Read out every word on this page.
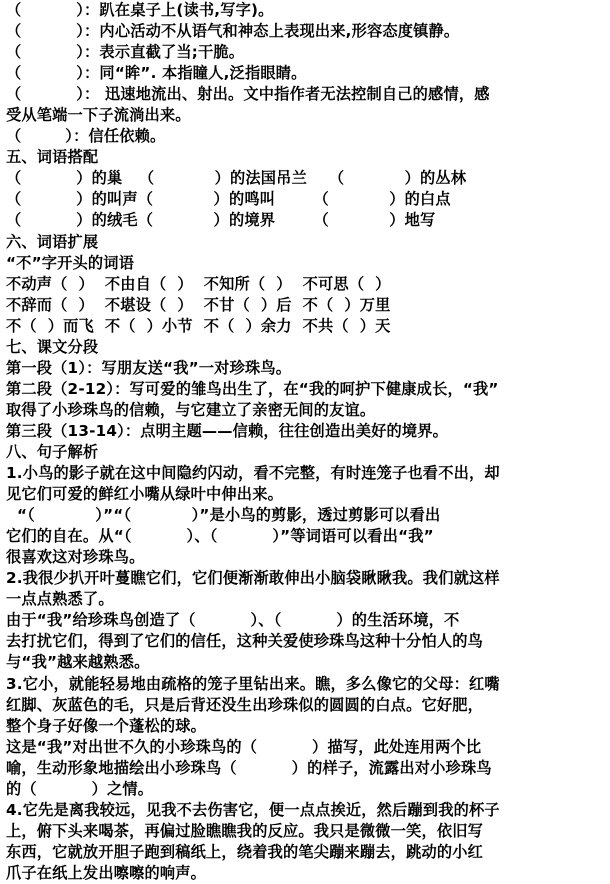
（          ）：趴在桌子上(读书,写字)。
（          ）：内心活动不从语气和神态上表现出来,形容态度镇静。
（          ）：表示直截了当;干脆。
（          ）：同“眸”. 本指瞳人,泛指眼睛。
（          ）： 迅速地流出、射出。文中指作者无法控制自己的感情，感
受从笔端一下子流淌出来。
（        ）：信任依赖。
五、词语搭配
（          ）的巢   （           ）的法国吊兰    （           ）的丛林
（          ）的叫声（           ）的鸣叫       （           ）的白点
（          ）的绒毛（           ）的境界       （           ）地写
六、词语扩展
“不”字开头的词语
不动声（  ）  不由自（  ）  不知所（  ）  不可思（  ）
不辞而（  ）  不堪设（  ）  不甘（  ）后  不（  ）万里
不（  ）而飞  不（  ）小节  不（  ）余力  不共（  ）天
七、课文分段
第一段（1）：写朋友送“我”一对珍珠鸟。
第二段（2-12）：写可爱的雏鸟出生了，在“我的呵护下健康成长，“我”
取得了小珍珠鸟的信赖，与它建立了亲密无间的友谊。
第三段（13-14）：点明主题——信赖，往往创造出美好的境界。
八、句子解析
1.小鸟的影子就在这中间隐约闪动，看不完整，有时连笼子也看不出，却
见它们可爱的鲜红小嘴从绿叶中伸出来。
“（           ）”“（           ）”是小鸟的剪影，透过剪影可以看出
它们的自在。从“（          ）、（          ）”等词语可以看出“我”
很喜欢这对珍珠鸟。
2.我很少扒开叶蔓瞧它们，它们便渐渐敢伸出小脑袋瞅瞅我。我们就这样
一点点熟悉了。
由于“我”给珍珠鸟创造了（          ）、（          ）的生活环境，不
去打扰它们，得到了它们的信任，这种关爱使珍珠鸟这种十分怕人的鸟
与“我”越来越熟悉。
3.它小，就能轻易地由疏格的笼子里钻出来。瞧，多么像它的父母：红嘴
红脚、灰蓝色的毛，只是后背还没生出珍珠似的圆圆的白点。它好肥，
整个身子好像一个蓬松的球。
这是“我”对出世不久的小珍珠鸟的（          ）描写，此处连用两个比
喻，生动形象地描绘出小珍珠鸟（          ）的样子，流露出对小珍珠鸟
的（          ）之情。
4.它先是离我较远，见我不去伤害它，便一点点挨近，然后蹦到我的杯子
上，俯下头来喝茶，再偏过脸瞧瞧我的反应。我只是微微一笑，依旧写
东西，它就放开胆子跑到稿纸上，绕着我的笔尖蹦来蹦去，跳动的小红
爪子在纸上发出嚓嚓的响声。
